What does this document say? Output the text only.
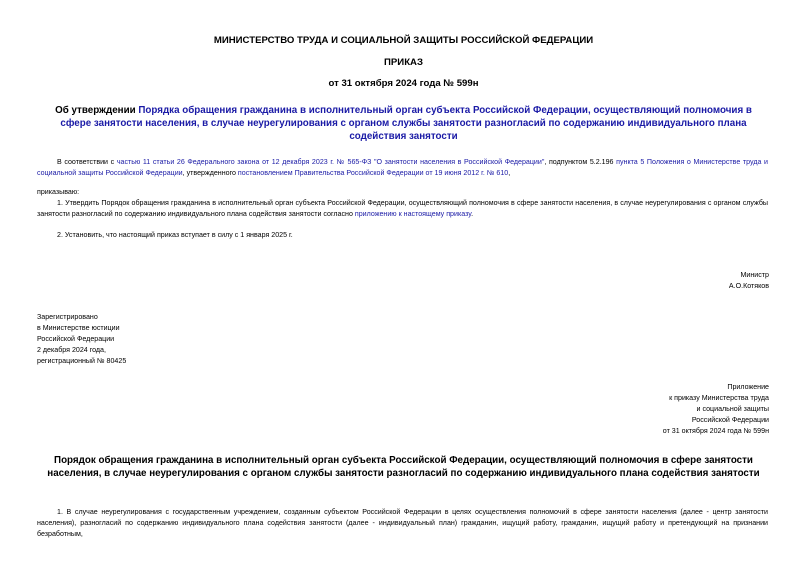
МИНИСТЕРСТВО ТРУДА И СОЦИАЛЬНОЙ ЗАЩИТЫ РОССИЙСКОЙ ФЕДЕРАЦИИ
ПРИКАЗ
от 31 октября 2024 года № 599н
Об утверждении Порядка обращения гражданина в исполнительный орган субъекта Российской Федерации, осуществляющий полномочия в сфере занятости населения, в случае неурегулирования с органом службы занятости разногласий по содержанию индивидуального плана содействия занятости
В соответствии с частью 11 статьи 26 Федерального закона от 12 декабря 2023 г. № 565-ФЗ "О занятости населения в Российской Федерации", подпунктом 5.2.196 пункта 5 Положения о Министерстве труда и социальной защиты Российской Федерации, утвержденного постановлением Правительства Российской Федерации от 19 июня 2012 г. № 610,
приказываю:
1. Утвердить Порядок обращения гражданина в исполнительный орган субъекта Российской Федерации, осуществляющий полномочия в сфере занятости населения, в случае неурегулирования с органом службы занятости разногласий по содержанию индивидуального плана содействия занятости согласно приложению к настоящему приказу.
2. Установить, что настоящий приказ вступает в силу с 1 января 2025 г.
Министр
А.О.Котяков
Зарегистрировано
в Министерстве юстиции
Российской Федерации
2 декабря 2024 года,
регистрационный № 80425
Приложение
к приказу Министерства труда
и социальной защиты
Российской Федерации
от 31 октября 2024 года № 599н
Порядок обращения гражданина в исполнительный орган субъекта Российской Федерации, осуществляющий полномочия в сфере занятости населения, в случае неурегулирования с органом службы занятости разногласий по содержанию индивидуального плана содействия занятости
1. В случае неурегулирования с государственным учреждением, созданным субъектом Российской Федерации в целях осуществления полномочий в сфере занятости населения (далее - центр занятости населения), разногласий по содержанию индивидуального плана содействия занятости (далее - индивидуальный план) гражданин, ищущий работу, гражданин, ищущий работу и претендующий на признании безработным,
